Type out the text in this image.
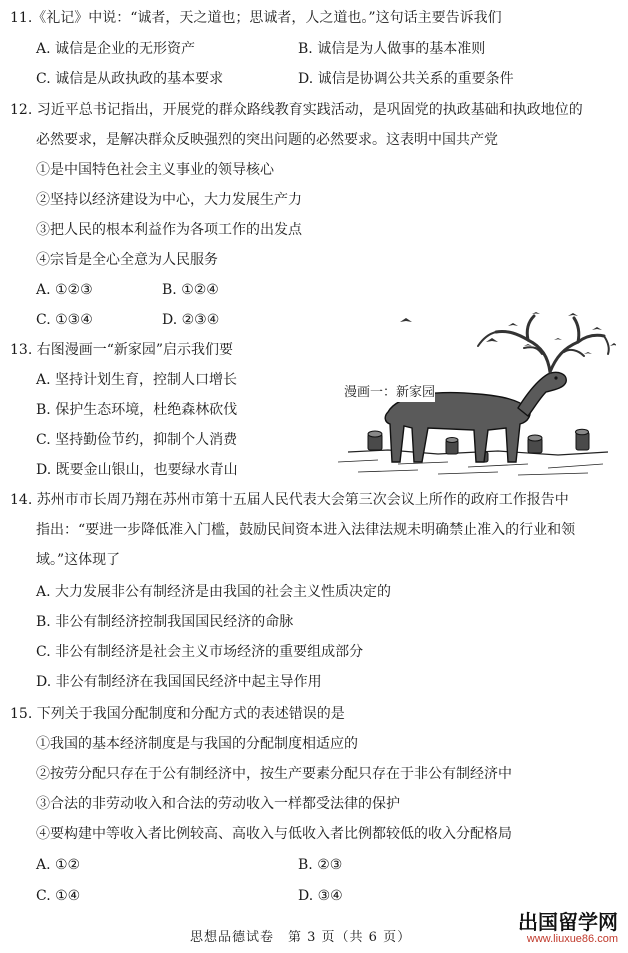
11.《礼记》中说：“诚者，天之道也；思诚者，人之道也。”这句话主要告诉我们
A. 诚信是企业的无形资产	B. 诚信是为人做事的基本准则
C. 诚信是从政执政的基本要求	D. 诚信是协调公共关系的重要条件
12. 习近平总书记指出，开展党的群众路线教育实践活动，是巩固党的执政基础和执政地位的
必然要求，是解决群众反映强烈的突出问题的必然要求。这表明中国共产党
①是中国特色社会主义事业的领导核心
②坚持以经济建设为中心，大力发展生产力
③把人民的根本利益作为各项工作的出发点
④宗旨是全心全意为人民服务
A. ①②③	B. ①②④
C. ①③④	D. ②③④
13. 右图漫画一“新家园”启示我们要
A. 坚持计划生育，控制人口增长
B. 保护生态环境，杜绝森林砍伐
C. 坚持勤俭节约，抑制个人消费
D. 既要金山银山，也要绿水青山
漫画一：新家园
14. 苏州市市长周乃翔在苏州市第十五届人民代表大会第三次会议上所作的政府工作报告中
指出：“要进一步降低准入门槛，鼓励民间资本进入法律法规未明确禁止准入的行业和领
域。”这体现了
A. 大力发展非公有制经济是由我国的社会主义性质决定的
B. 非公有制经济控制我国国民经济的命脉
C. 非公有制经济是社会主义市场经济的重要组成部分
D. 非公有制经济在我国国民经济中起主导作用
15. 下列关于我国分配制度和分配方式的表述错误的是
①我国的基本经济制度是与我国的分配制度相适应的
②按劳分配只存在于公有制经济中，按生产要素分配只存在于非公有制经济中
③合法的非劳动收入和合法的劳动收入一样都受法律的保护
④要构建中等收入者比例较高、高收入与低收入者比例都较低的收入分配格局
A. ①②	B. ②③
C. ①④	D. ③④
思想品德试卷　第 3 页（共 6 页）
出国留学网
www.liuxue86.com
